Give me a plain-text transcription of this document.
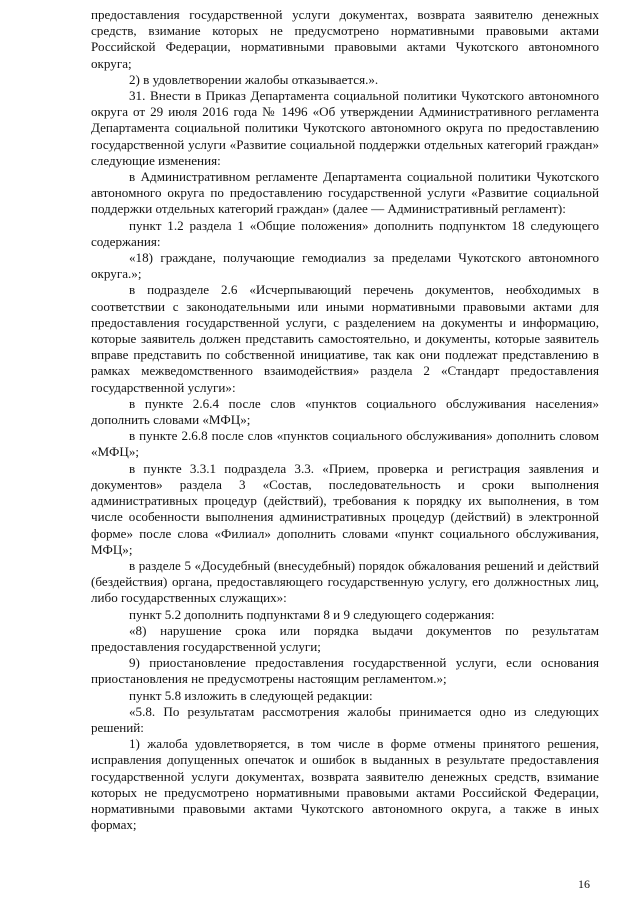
предоставления государственной услуги документах, возврата заявителю денежных средств, взимание которых не предусмотрено нормативными правовыми актами Российской Федерации, нормативными правовыми актами Чукотского автономного округа;

2) в удовлетворении жалобы отказывается.».

31. Внести в Приказ Департамента социальной политики Чукотского автономного округа от 29 июля 2016 года № 1496 «Об утверждении Административного регламента Департамента социальной политики Чукотского автономного округа по предоставлению государственной услуги «Развитие социальной поддержки отдельных категорий граждан» следующие изменения:

в Административном регламенте Департамента социальной политики Чукотского автономного округа по предоставлению государственной услуги «Развитие социальной поддержки отдельных категорий граждан» (далее — Административный регламент):

пункт 1.2 раздела 1 «Общие положения» дополнить подпунктом 18 следующего содержания:

«18) граждане, получающие гемодиализ за пределами Чукотского автономного округа.»;

в подразделе 2.6 «Исчерпывающий перечень документов, необходимых в соответствии с законодательными или иными нормативными правовыми актами для предоставления государственной услуги, с разделением на документы и информацию, которые заявитель должен представить самостоятельно, и документы, которые заявитель вправе представить по собственной инициативе, так как они подлежат представлению в рамках межведомственного взаимодействия» раздела 2 «Стандарт предоставления государственной услуги»:

в пункте 2.6.4 после слов «пунктов социального обслуживания населения» дополнить словами «МФЦ»;

в пункте 2.6.8 после слов «пунктов социального обслуживания» дополнить словом «МФЦ»;

в пункте 3.3.1 подраздела 3.3. «Прием, проверка и регистрация заявления и документов» раздела 3 «Состав, последовательность и сроки выполнения административных процедур (действий), требования к порядку их выполнения, в том числе особенности выполнения административных процедур (действий) в электронной форме» после слова «Филиал» дополнить словами «пункт социального обслуживания, МФЦ»;

в разделе 5 «Досудебный (внесудебный) порядок обжалования решений и действий (бездействия) органа, предоставляющего государственную услугу, его должностных лиц, либо государственных служащих»:

пункт 5.2 дополнить подпунктами 8 и 9 следующего содержания:

«8) нарушение срока или порядка выдачи документов по результатам предоставления государственной услуги;

9) приостановление предоставления государственной услуги, если основания приостановления не предусмотрены настоящим регламентом.»;

пункт 5.8 изложить в следующей редакции:

«5.8. По результатам рассмотрения жалобы принимается одно из следующих решений:

1) жалоба удовлетворяется, в том числе в форме отмены принятого решения, исправления допущенных опечаток и ошибок в выданных в результате предоставления государственной услуги документах, возврата заявителю денежных средств, взимание которых не предусмотрено нормативными правовыми актами Российской Федерации, нормативными правовыми актами Чукотского автономного округа, а также в иных формах;

16
